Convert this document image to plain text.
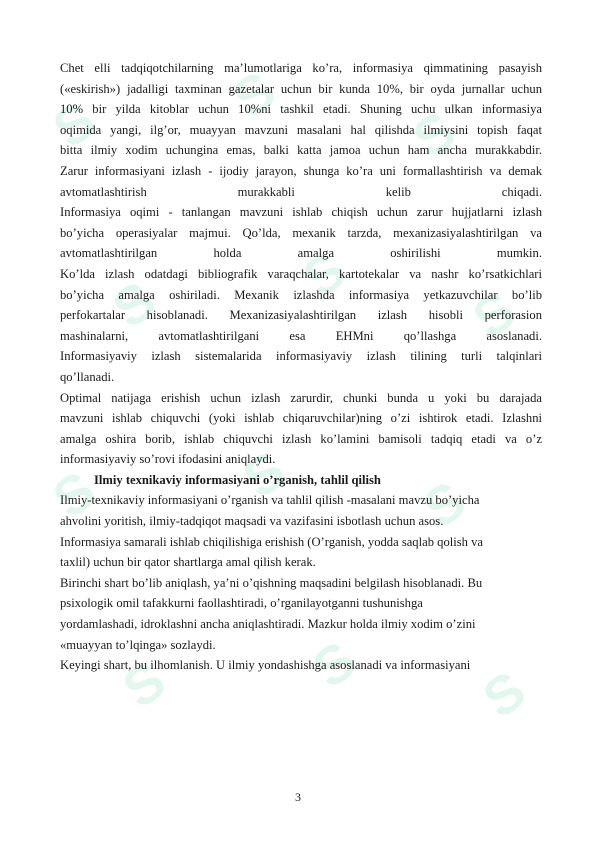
S S
S
S S
S
S S S
S S S
Chet elli tadqiqotchilarning ma’lumotlariga ko’ra, informasiya qimmatining pasayish
(«eskirish») jadalligi taxminan gazetalar uchun bir kunda 10%, bir oyda jurnallar uchun
10% bir yilda kitoblar uchun 10%ni tashkil etadi. Shuning uchu ulkan informasiya
oqimida yangi, ilg’or, muayyan mavzuni masalani hal qilishda ilmiysini topish faqat
bitta ilmiy xodim uchungina emas, balki katta jamoa uchun ham ancha murakkabdir.
Zarur informasiyani izlash - ijodiy jarayon, shunga ko’ra uni formallashtirish va demak
avtomatlashtirish murakkabli kelib chiqadi.
Informasiya oqimi - tanlangan mavzuni ishlab chiqish uchun zarur hujjatlarni izlash
bo’yicha operasiyalar majmui. Qo’lda, mexanik tarzda, mexanizasiyalashtirilgan va
avtomatlashtirilgan holda amalga oshirilishi mumkin.
Ko’lda izlash odatdagi bibliografik varaqchalar, kartotekalar va nashr ko’rsatkichlari
bo’yicha amalga oshiriladi. Mexanik izlashda informasiya yetkazuvchilar bo’lib
perfokartalar hisoblanadi. Mexanizasiyalashtirilgan izlash hisobli perforasion
mashinalarni, avtomatlashtirilgani esa EHMni qo’llashga asoslanadi.
Informasiyaviy izlash sistemalarida informasiyaviy izlash tilining turli talqinlari
qo’llanadi.
Optimal natijaga erishish uchun izlash zarurdir, chunki bunda u yoki bu darajada
mavzuni ishlab chiquvchi (yoki ishlab chiqaruvchilar)ning o’zi ishtirok etadi. Izlashni
amalga oshira borib, ishlab chiquvchi izlash ko’lamini bamisoli tadqiq etadi va o’z
informasiyaviy so’rovi ifodasini aniqlaydi.
Ilmiy texnikaviy informasiyani o’rganish, tahlil qilish
Ilmiy-texnikaviy informasiyani o’rganish va tahlil qilish -masalani mavzu bo’yicha
ahvolini yoritish, ilmiy-tadqiqot maqsadi va vazifasini isbotlash uchun asos.
Informasiya samarali ishlab chiqilishiga erishish (O’rganish, yodda saqlab qolish va
taxlil) uchun bir qator shartlarga amal qilish kerak.
Birinchi shart bo’lib aniqlash, ya’ni o’qishning maqsadini belgilash hisoblanadi. Bu
psixologik omil tafakkurni faollashtiradi, o’rganilayotganni tushunishga
yordamlashadi, idroklashni ancha aniqlashtiradi. Mazkur holda ilmiy xodim o’zini
«muayyan to’lqinga» sozlaydi.
Keyingi shart, bu ilhomlanish. U ilmiy yondashishga asoslanadi va informasiyani
3
